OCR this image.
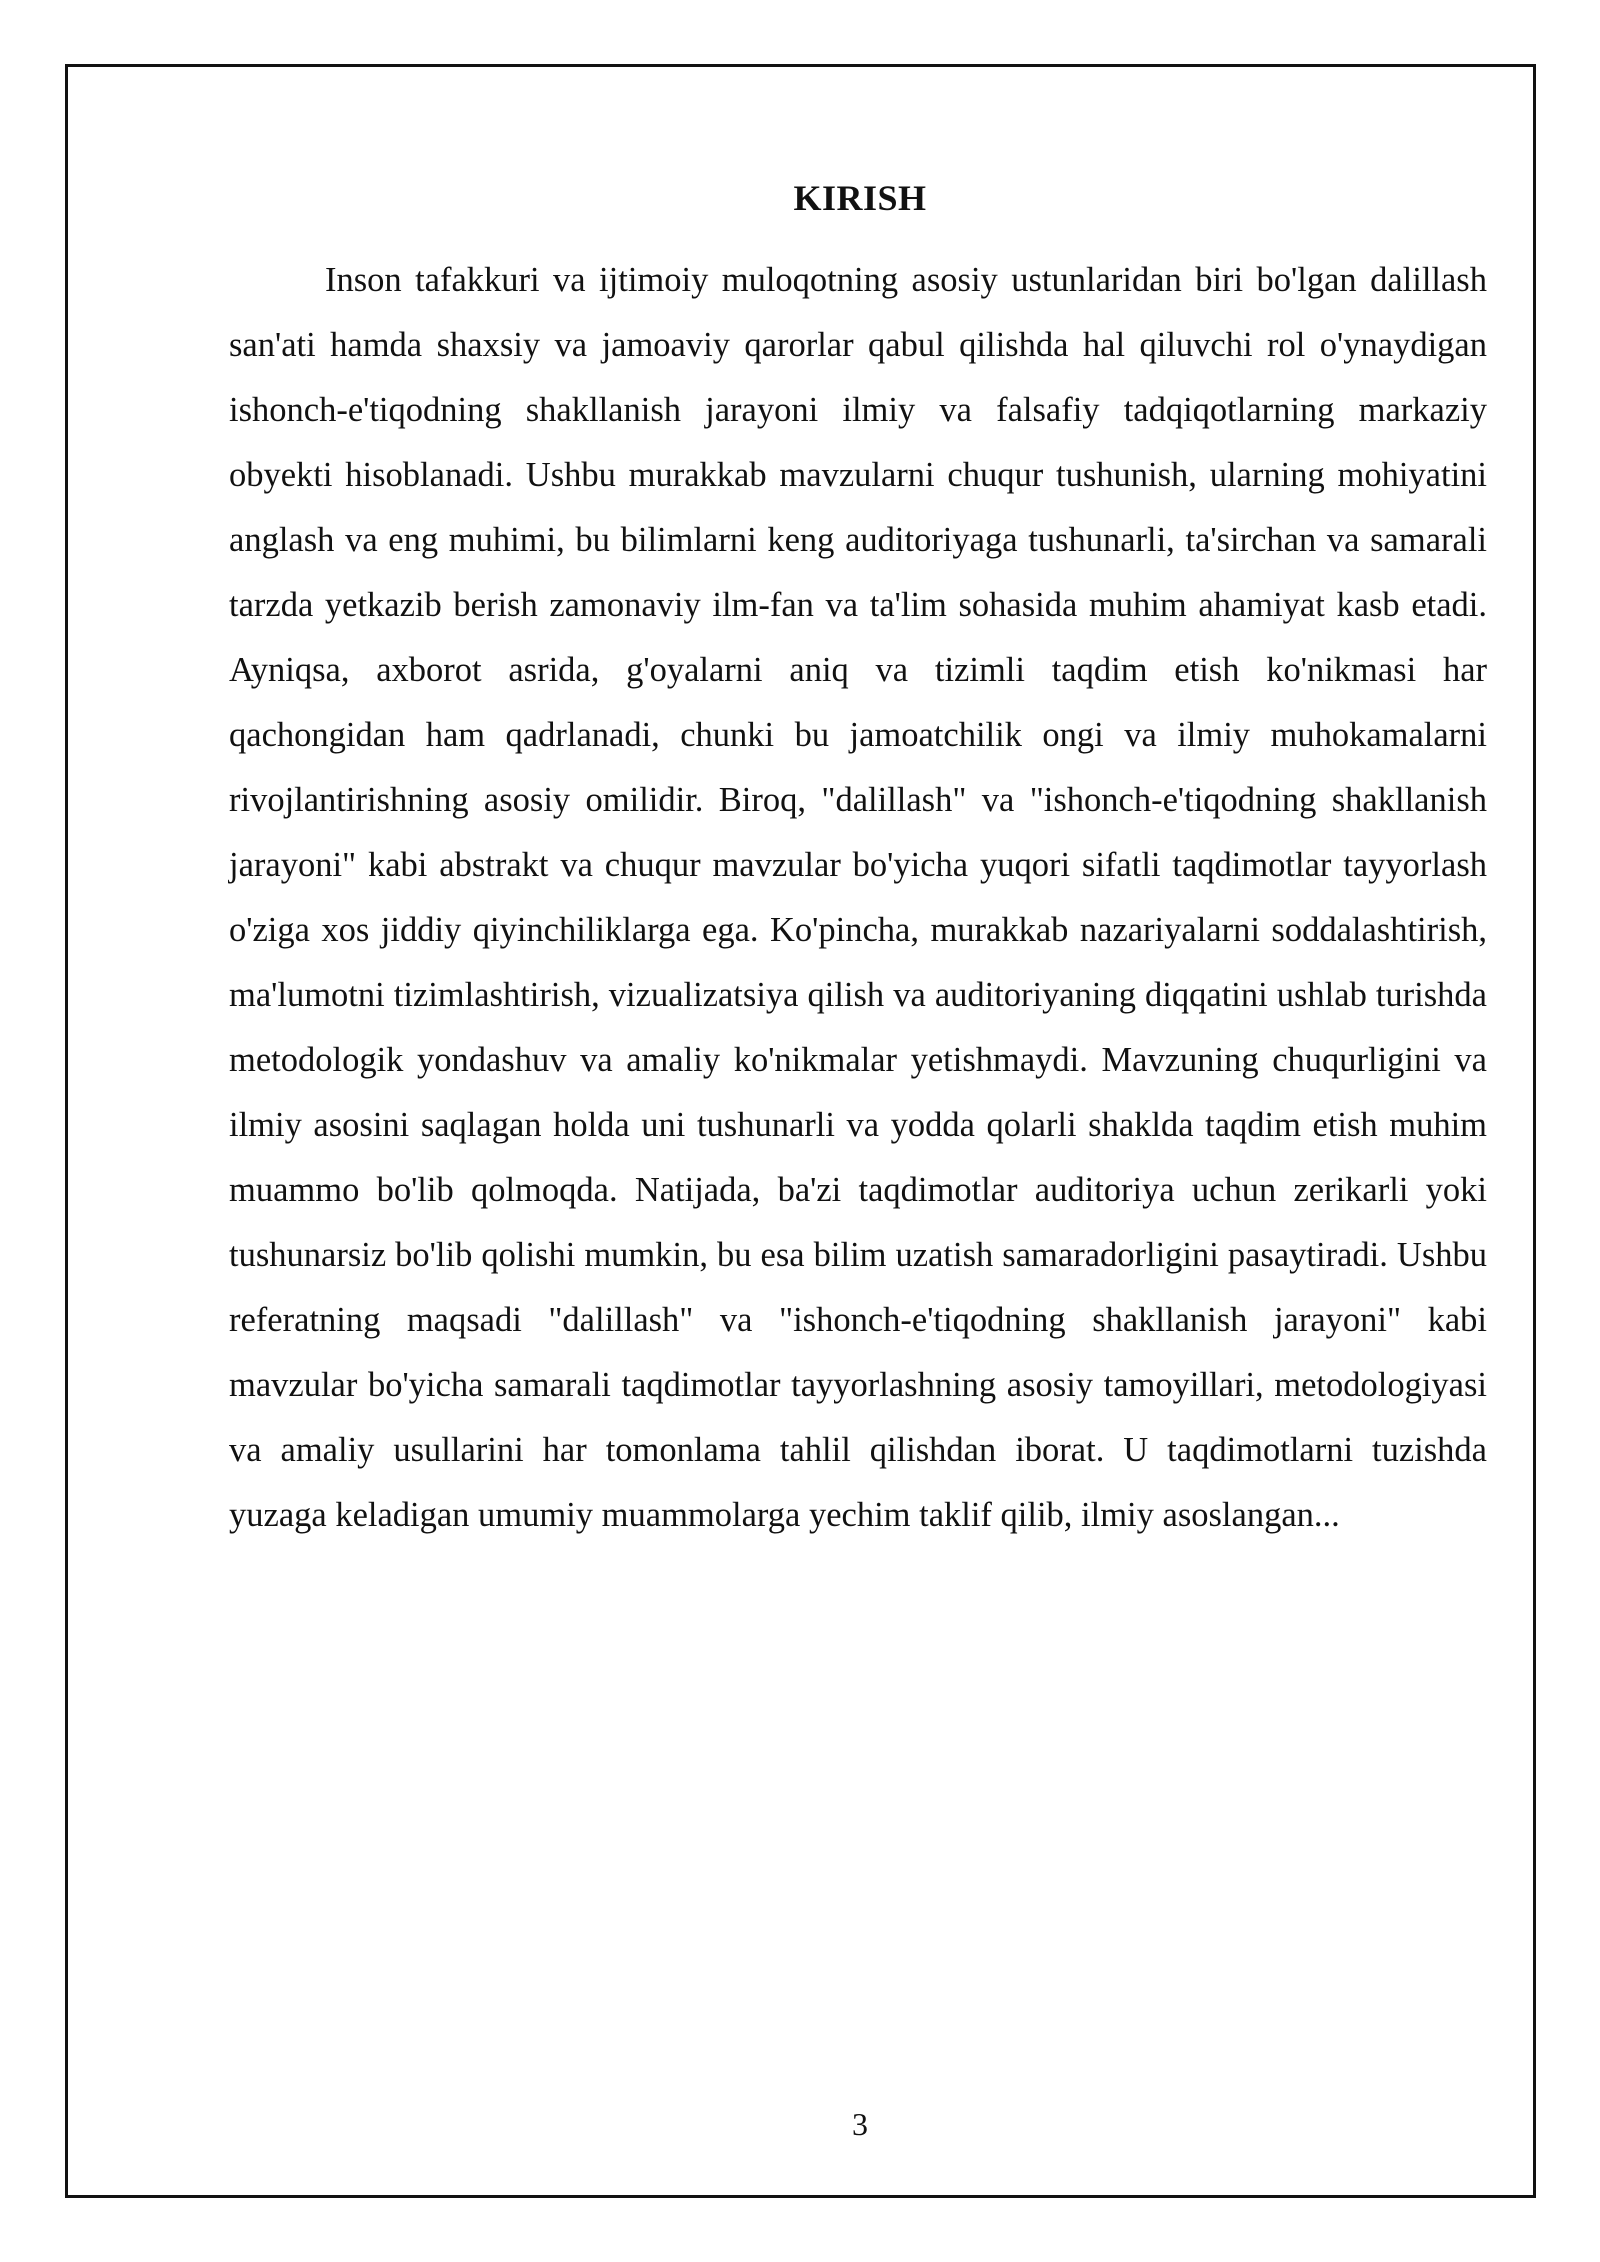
KIRISH

Inson tafakkuri va ijtimoiy muloqotning asosiy ustunlaridan biri bo'lgan dalillash san'ati hamda shaxsiy va jamoaviy qarorlar qabul qilishda hal qiluvchi rol o'ynaydigan ishonch-e'tiqodning shakllanish jarayoni ilmiy va falsafiy tadqiqotlarning markaziy obyekti hisoblanadi. Ushbu murakkab mavzularni chuqur tushunish, ularning mohiyatini anglash va eng muhimi, bu bilimlarni keng auditoriyaga tushunarli, ta'sirchan va samarali tarzda yetkazib berish zamonaviy ilm-fan va ta'lim sohasida muhim ahamiyat kasb etadi. Ayniqsa, axborot asrida, g'oyalarni aniq va tizimli taqdim etish ko'nikmasi har qachongidan ham qadrlanadi, chunki bu jamoatchilik ongi va ilmiy muhokamalarni rivojlantirishning asosiy omilidir. Biroq, "dalillash" va "ishonch-e'tiqodning shakllanish jarayoni" kabi abstrakt va chuqur mavzular bo'yicha yuqori sifatli taqdimotlar tayyorlash o'ziga xos jiddiy qiyinchiliklarga ega. Ko'pincha, murakkab nazariyalarni soddalashtirish, ma'lumotni tizimlashtirish, vizualizatsiya qilish va auditoriyaning diqqatini ushlab turishda metodologik yondashuv va amaliy ko'nikmalar yetishmaydi. Mavzuning chuqurligini va ilmiy asosini saqlagan holda uni tushunarli va yodda qolarli shaklda taqdim etish muhim muammo bo'lib qolmoqda. Natijada, ba'zi taqdimotlar auditoriya uchun zerikarli yoki tushunarsiz bo'lib qolishi mumkin, bu esa bilim uzatish samaradorligini pasaytiradi. Ushbu referatning maqsadi "dalillash" va "ishonch-e'tiqodning shakllanish jarayoni" kabi mavzular bo'yicha samarali taqdimotlar tayyorlashning asosiy tamoyillari, metodologiyasi va amaliy usullarini har tomonlama tahlil qilishdan iborat. U taqdimotlarni tuzishda yuzaga keladigan umumiy muammolarga yechim taklif qilib, ilmiy asoslangan...

3
